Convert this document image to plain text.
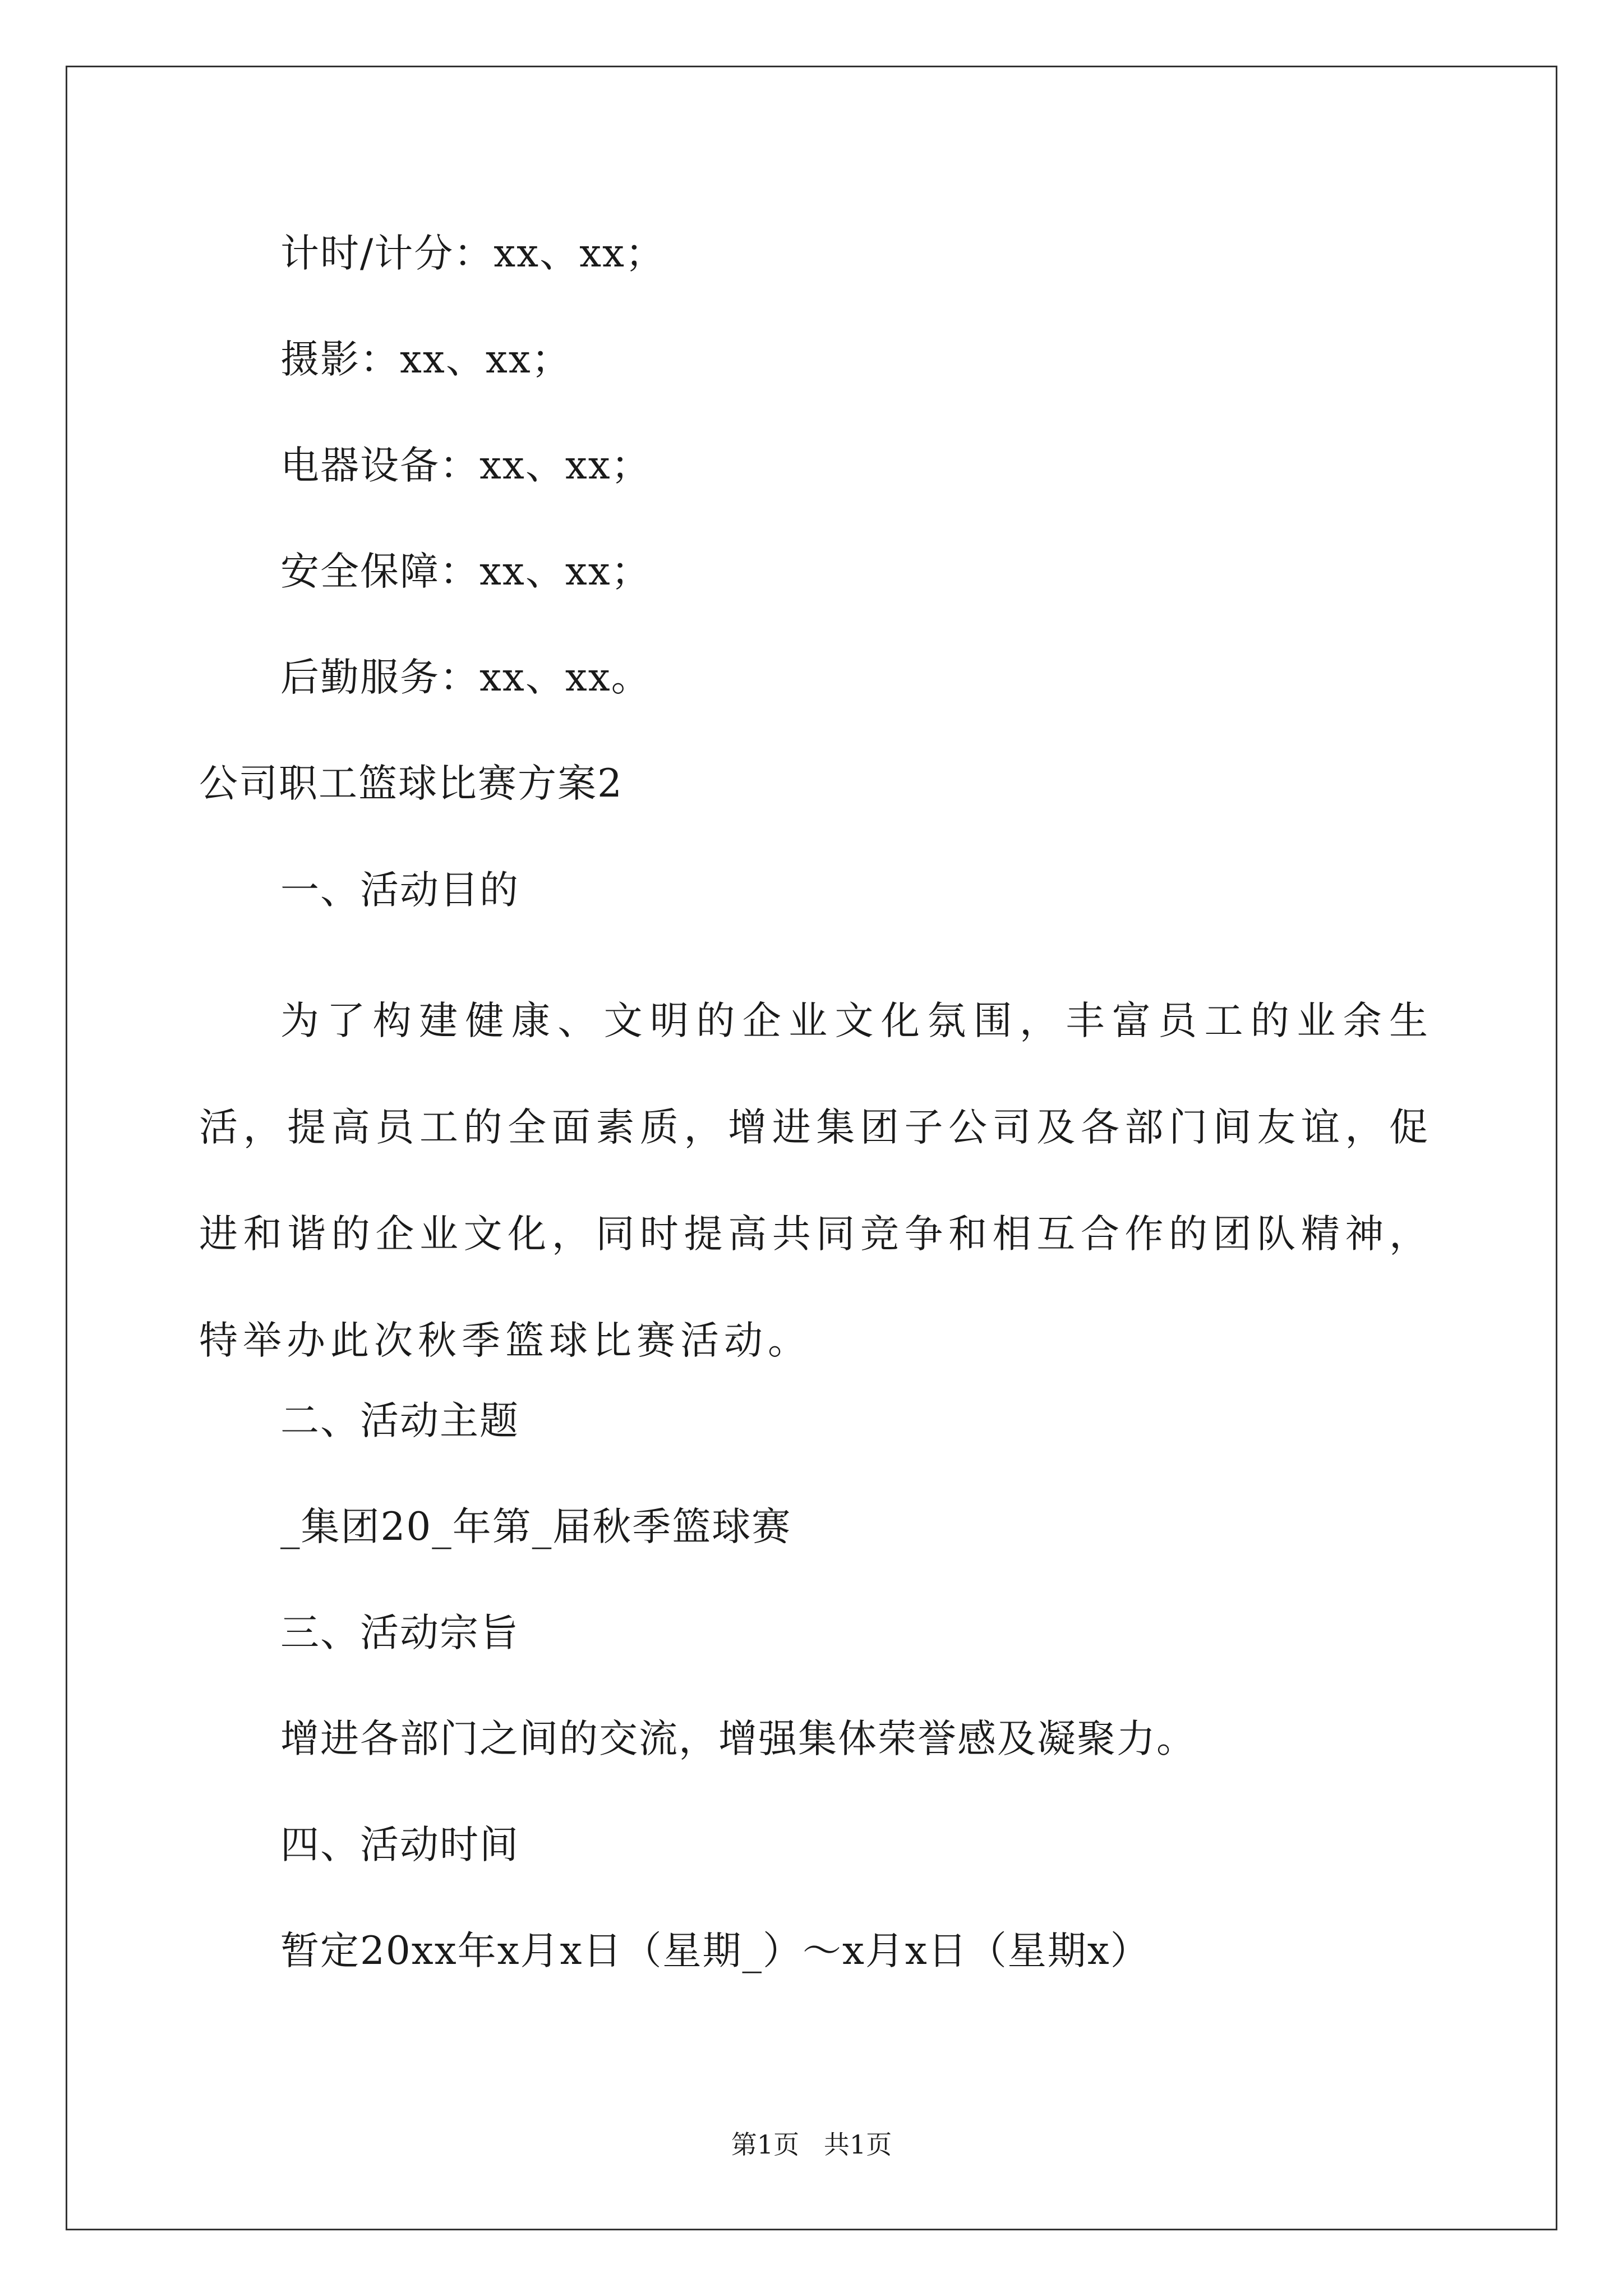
计时/计分：xx、xx；
摄影：xx、xx；
电器设备：xx、xx；
安全保障：xx、xx；
后勤服务：xx、xx。
公司职工篮球比赛方案2
一、活动目的

为了构建健康、文明的企业文化氛围，丰富员工的业余生活，提高员工的全面素质，增进集团子公司及各部门间友谊，促进和谐的企业文化，同时提高共同竞争和相互合作的团队精神，特举办此次秋季篮球比赛活动。

二、活动主题
_集团20_年第_届秋季篮球赛
三、活动宗旨
增进各部门之间的交流，增强集体荣誉感及凝聚力。
四、活动时间
暂定20xx年x月x日（星期_）～x月x日（星期x）
第1页   共1页
